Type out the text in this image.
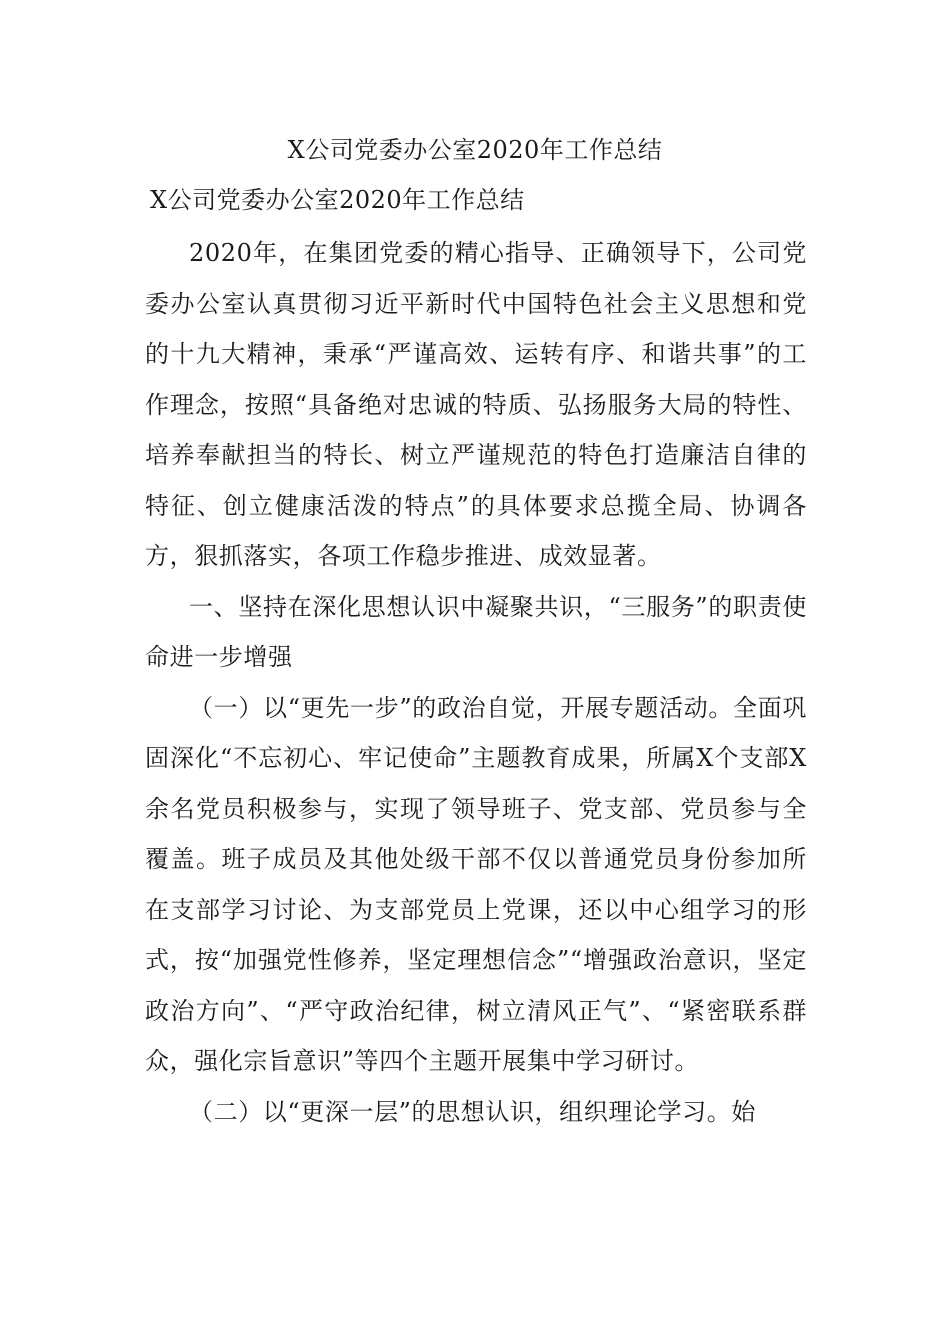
X公司党委办公室2020年工作总结
X公司党委办公室2020年工作总结

2020年，在集团党委的精心指导、正确领导下，公司党委办公室认真贯彻习近平新时代中国特色社会主义思想和党的十九大精神，秉承“严谨高效、运转有序、和谐共事”的工作理念，按照“具备绝对忠诚的特质、弘扬服务大局的特性、培养奉献担当的特长、树立严谨规范的特色打造廉洁自律的特征、创立健康活泼的特点”的具体要求总揽全局、协调各方，狠抓落实，各项工作稳步推进、成效显著。

一、坚持在深化思想认识中凝聚共识，“三服务”的职责使命进一步增强

（一）以“更先一步”的政治自觉，开展专题活动。全面巩固深化“不忘初心、牢记使命”主题教育成果，所属X个支部X余名党员积极参与，实现了领导班子、党支部、党员参与全覆盖。班子成员及其他处级干部不仅以普通党员身份参加所在支部学习讨论、为支部党员上党课，还以中心组学习的形式，按“加强党性修养，坚定理想信念”“增强政治意识，坚定政治方向”、“严守政治纪律，树立清风正气”、“紧密联系群众，强化宗旨意识”等四个主题开展集中学习研讨。

（二）以“更深一层”的思想认识，组织理论学习。始
